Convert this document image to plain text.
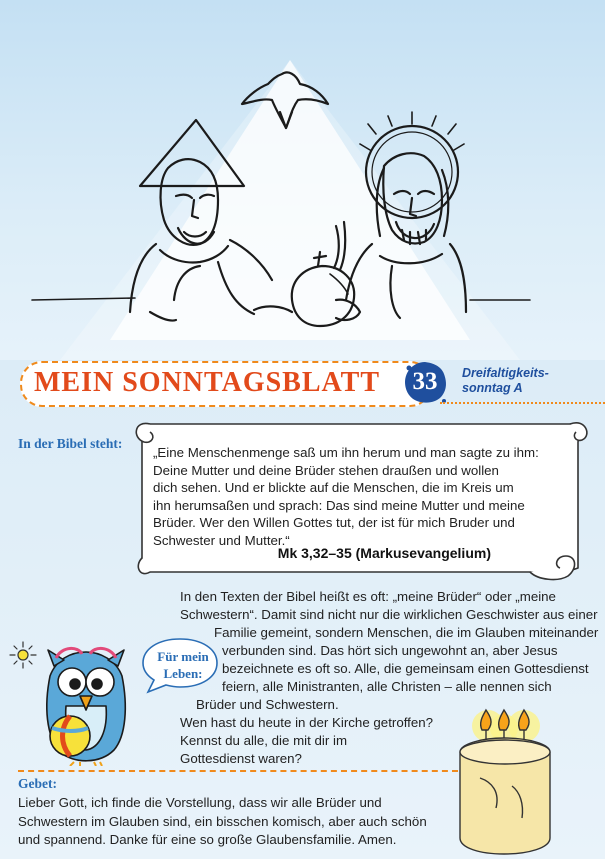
MEIN SONNTAGSBLATT	33	Dreifaltigkeits-
sonntag A
In der Bibel steht:
„Eine Menschenmenge saß um ihn herum und man sagte zu ihm:
Deine Mutter und deine Brüder stehen draußen und wollen
dich sehen. Und er blickte auf die Menschen, die im Kreis um
ihn herumsaßen und sprach: Das sind meine Mutter und meine
Brüder. Wer den Willen Gottes tut, der ist für mich Bruder und
Schwester und Mutter.“
Mk 3,32–35 (Markusevangelium)
In den Texten der Bibel heißt es oft: „meine Brüder“ oder „meine
Schwestern“. Damit sind nicht nur die wirklichen Geschwister aus einer
Familie gemeint, sondern Menschen, die im Glauben miteinander
verbunden sind. Das hört sich ungewohnt an, aber Jesus
bezeichnete es oft so. Alle, die gemeinsam einen Gottesdienst
feiern, alle Ministranten, alle Christen – alle nennen sich
Brüder und Schwestern.
Wen hast du heute in der Kirche getroffen?
Kennst du alle, die mit dir im
Gottesdienst waren?
Für mein
Leben:
Gebet:
Lieber Gott, ich finde die Vorstellung, dass wir alle Brüder und
Schwestern im Glauben sind, ein bisschen komisch, aber auch schön
und spannend. Danke für eine so große Glaubensfamilie. Amen.
